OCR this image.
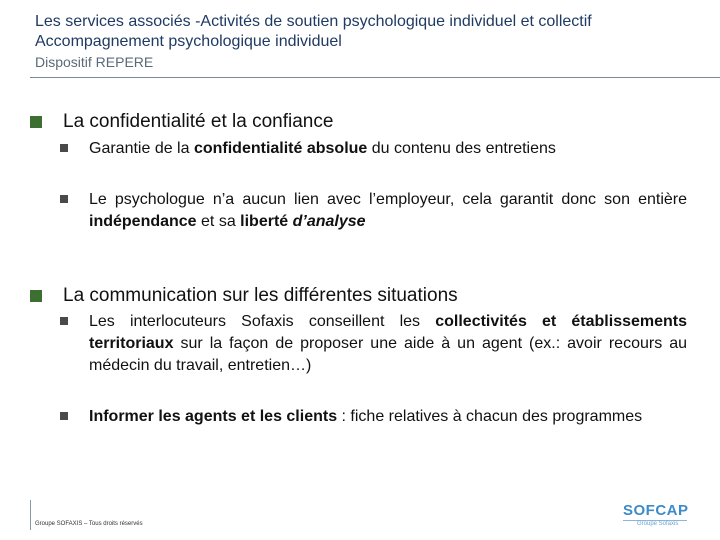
Les services associés -Activités de soutien psychologique individuel et collectif
Accompagnement psychologique individuel
Dispositif REPERE
La confidentialité et la confiance
Garantie de la confidentialité absolue du contenu des entretiens
Le psychologue n’a aucun lien avec l’employeur, cela garantit donc son entière indépendance et sa liberté d’analyse
La communication sur les différentes situations
Les interlocuteurs Sofaxis conseillent les collectivités et établissements territoriaux sur la façon de proposer une aide à un agent (ex.: avoir recours au médecin du travail, entretien…)
Informer les agents et les clients : fiche relatives à chacun des programmes
Groupe SOFAXIS – Tous droits réservés
SOFCAP
Groupe Sofaxis
